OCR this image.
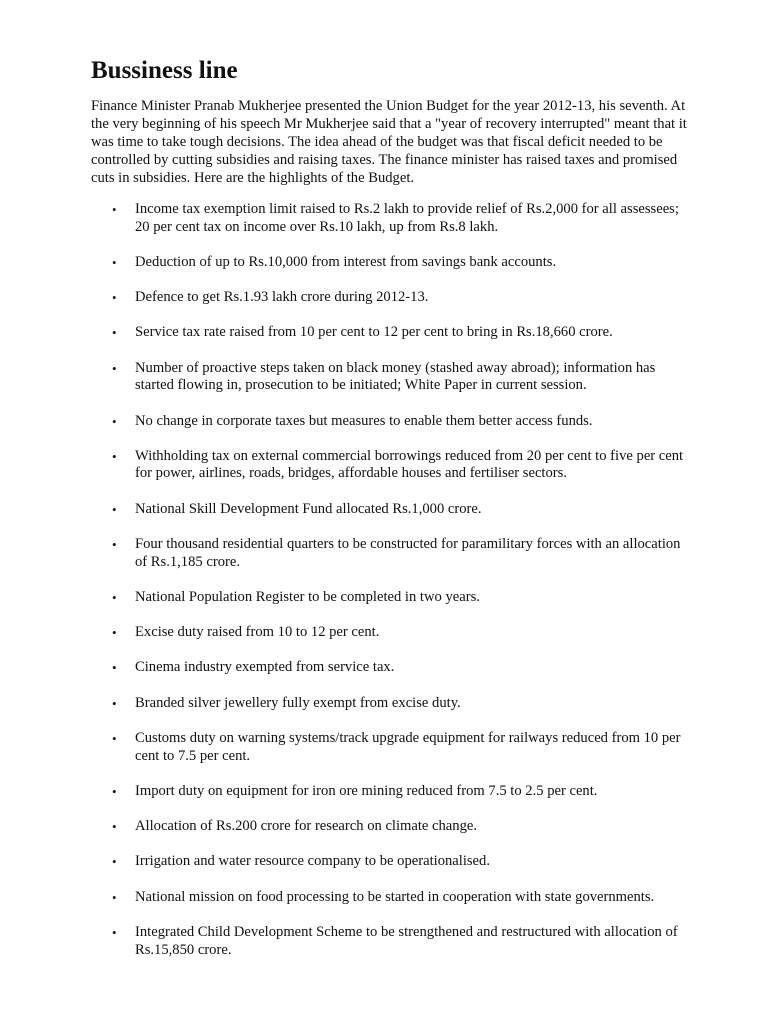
Bussiness line

Finance Minister Pranab Mukherjee presented the Union Budget for the year 2012-13, his seventh. At the very beginning of his speech Mr Mukherjee said that a "year of recovery interrupted" meant that it was time to take tough decisions. The idea ahead of the budget was that fiscal deficit needed to be controlled by cutting subsidies and raising taxes. The finance minister has raised taxes and promised cuts in subsidies. Here are the highlights of the Budget.

• Income tax exemption limit raised to Rs.2 lakh to provide relief of Rs.2,000 for all assessees; 20 per cent tax on income over Rs.10 lakh, up from Rs.8 lakh.
• Deduction of up to Rs.10,000 from interest from savings bank accounts.
• Defence to get Rs.1.93 lakh crore during 2012-13.
• Service tax rate raised from 10 per cent to 12 per cent to bring in Rs.18,660 crore.
• Number of proactive steps taken on black money (stashed away abroad); information has started flowing in, prosecution to be initiated; White Paper in current session.
• No change in corporate taxes but measures to enable them better access funds.
• Withholding tax on external commercial borrowings reduced from 20 per cent to five per cent for power, airlines, roads, bridges, affordable houses and fertiliser sectors.
• National Skill Development Fund allocated Rs.1,000 crore.
• Four thousand residential quarters to be constructed for paramilitary forces with an allocation of Rs.1,185 crore.
• National Population Register to be completed in two years.
• Excise duty raised from 10 to 12 per cent.
• Cinema industry exempted from service tax.
• Branded silver jewellery fully exempt from excise duty.
• Customs duty on warning systems/track upgrade equipment for railways reduced from 10 per cent to 7.5 per cent.
• Import duty on equipment for iron ore mining reduced from 7.5 to 2.5 per cent.
• Allocation of Rs.200 crore for research on climate change.
• Irrigation and water resource company to be operationalised.
• National mission on food processing to be started in cooperation with state governments.
• Integrated Child Development Scheme to be strengthened and restructured with allocation of Rs.15,850 crore.
